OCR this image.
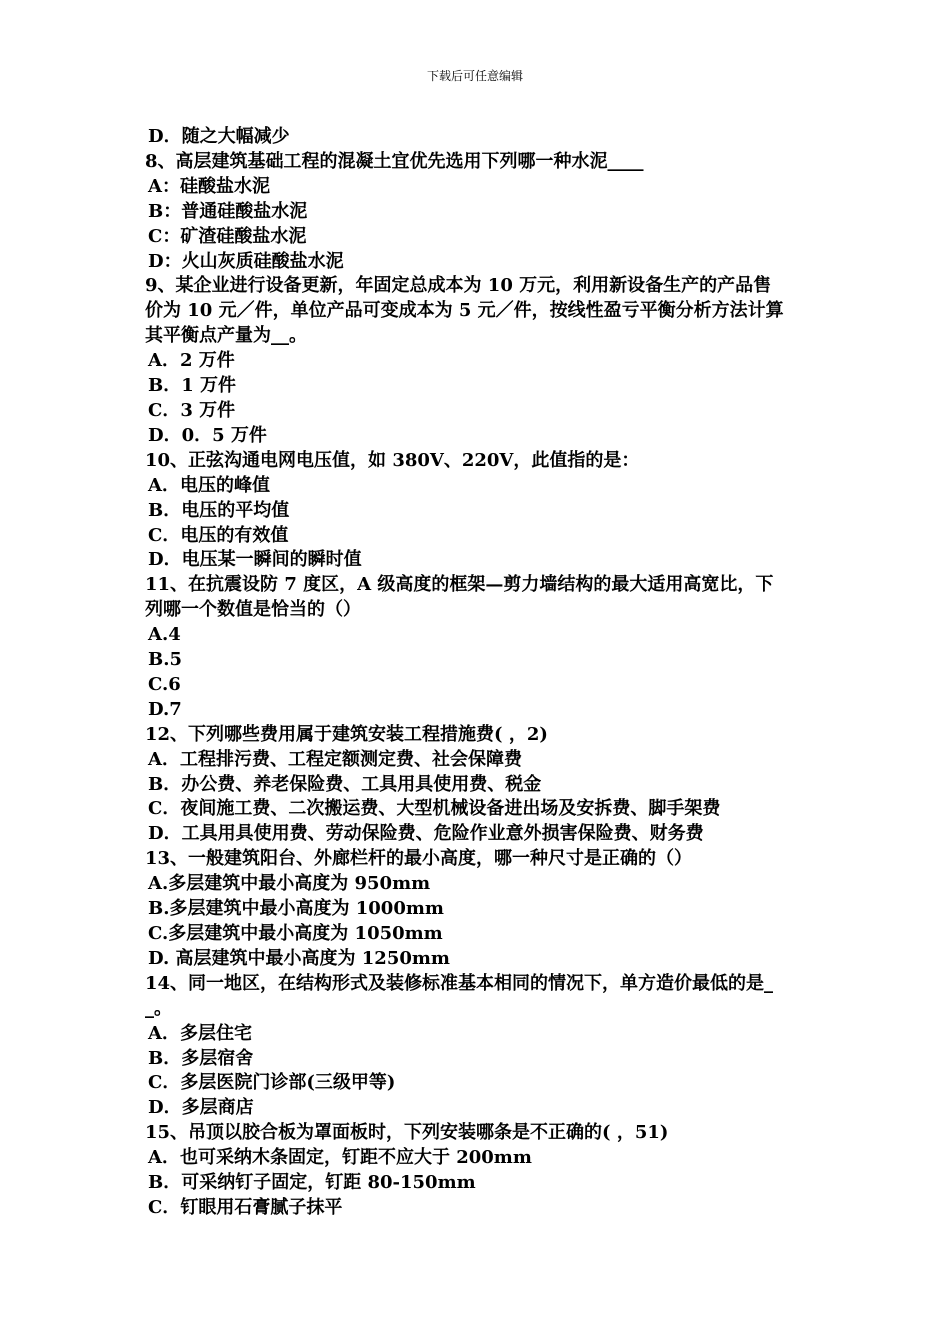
下载后可任意编辑
D．随之大幅减少
8、高层建筑基础工程的混凝土宜优先选用下列哪一种水泥____
A：硅酸盐水泥
B：普通硅酸盐水泥
C：矿渣硅酸盐水泥
D：火山灰质硅酸盐水泥
9、某企业进行设备更新，年固定总成本为 10 万元，利用新设备生产的产品售
价为 10 元／件，单位产品可变成本为 5 元／件，按线性盈亏平衡分析方法计算
其平衡点产量为__。
A．2 万件
B．1 万件
C．3 万件
D．0．5 万件
10、正弦沟通电网电压值，如 380V、220V，此值指的是：
A．电压的峰值
B．电压的平均值
C．电压的有效值
D．电压某一瞬间的瞬时值
11、在抗震设防 7 度区，A 级高度的框架—剪力墙结构的最大适用高宽比，下
列哪一个数值是恰当的（）
A.4
B.5
C.6
D.7
12、下列哪些费用属于建筑安装工程措施费( ，2)
A．工程排污费、工程定额测定费、社会保障费
B．办公费、养老保险费、工具用具使用费、税金
C．夜间施工费、二次搬运费、大型机械设备进出场及安拆费、脚手架费
D．工具用具使用费、劳动保险费、危险作业意外损害保险费、财务费
13、一般建筑阳台、外廊栏杆的最小高度，哪一种尺寸是正确的（）
A.多层建筑中最小高度为 950mm
B.多层建筑中最小高度为 1000mm
C.多层建筑中最小高度为 1050mm
D. 高层建筑中最小高度为 1250mm
14、同一地区，在结构形式及装修标准基本相同的情况下，单方造价最低的是_
_。
A．多层住宅
B．多层宿舍
C．多层医院门诊部(三级甲等)
D．多层商店
15、吊顶以胶合板为罩面板时，下列安装哪条是不正确的( ，51)
A．也可采纳木条固定，钉距不应大于 200mm
B．可采纳钉子固定，钉距 80-150mm
C．钉眼用石膏腻子抹平
